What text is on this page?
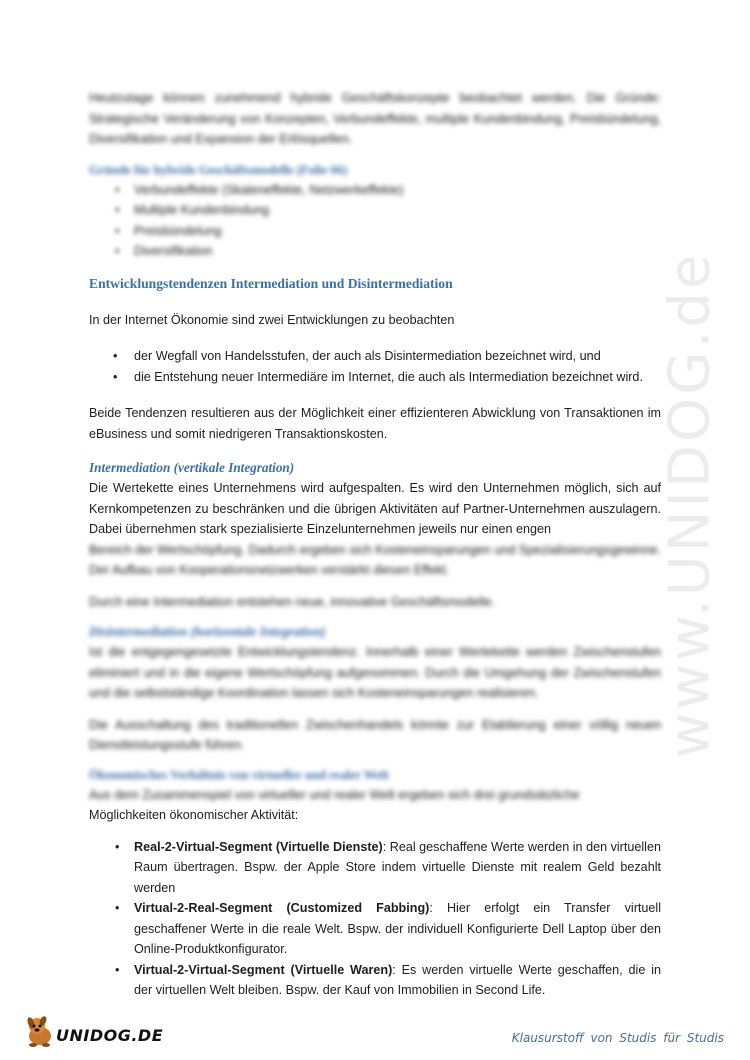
www.UNIDOG.de

Heutzutage können zunehmend hybride Geschäftskonzepte beobachtet werden. Die Gründe: Strategische Veränderung von Konzepten, Verbundeffekte, multiple Kundenbindung, Preisbündelung, Diversifikation und Expansion der Erlösquellen.

Gründe für hybride Geschäftsmodelle (Folie 66)
• Verbundeffekte (Skaleneffekte, Netzwerkeffekte)
• Multiple Kundenbindung
• Preisbündelung
• Diversifikation
Entwicklungstendenzen Intermediation und Disintermediation

In der Internet Ökonomie sind zwei Entwicklungen zu beobachten

• der Wegfall von Handelsstufen, der auch als Disintermediation bezeichnet wird, und
• die Entstehung neuer Intermediäre im Internet, die auch als Intermediation bezeichnet wird.

Beide Tendenzen resultieren aus der Möglichkeit einer effizienteren Abwicklung von Transaktionen im eBusiness und somit niedrigeren Transaktionskosten.

Intermediation (vertikale Integration)

Die Wertekette eines Unternehmens wird aufgespalten. Es wird den Unternehmen möglich, sich auf Kernkompetenzen zu beschränken und die übrigen Aktivitäten auf Partner-Unternehmen auszulagern. Dabei übernehmen stark spezialisierte Einzelunternehmen jeweils nur einen engen

Bereich der Wertschöpfung. Dadurch ergeben sich Kosteneinsparungen und Spezialisierungsgewinne. Der Aufbau von Kooperationsnetzwerken verstärkt diesen Effekt.

Durch eine Intermediation entstehen neue, innovative Geschäftsmodelle.

Disintermediation (horizontale Integration)

Ist die entgegengesetzte Entwicklungstendenz. Innerhalb einer Wertekette werden Zwischenstufen eliminiert und in die eigene Wertschöpfung aufgenommen. Durch die Umgehung der Zwischenstufen und die selbstständige Koordination lassen sich Kosteneinsparungen realisieren.

Die Ausschaltung des traditionellen Zwischenhandels könnte zur Etablierung einer völlig neuen Dienstleistungsstufe führen.

Ökonomisches Verhältnis von virtueller und realer Welt

Aus dem Zusammenspiel von virtueller und realer Welt ergeben sich drei grundsätzliche

Möglichkeiten ökonomischer Aktivität:

• Real-2-Virtual-Segment (Virtuelle Dienste): Real geschaffene Werte werden in den virtuellen Raum übertragen. Bspw. der Apple Store indem virtuelle Dienste mit realem Geld bezahlt werden
• Virtual-2-Real-Segment (Customized Fabbing): Hier erfolgt ein Transfer virtuell geschaffener Werte in die reale Welt. Bspw. der individuell Konfigurierte Dell Laptop über den Online-Produktkonfigurator.
• Virtual-2-Virtual-Segment (Virtuelle Waren): Es werden virtuelle Werte geschaffen, die in der virtuellen Welt bleiben. Bspw. der Kauf von Immobilien in Second Life.
UNIDOG.DE	Klausurstoff von Studis für Studis
